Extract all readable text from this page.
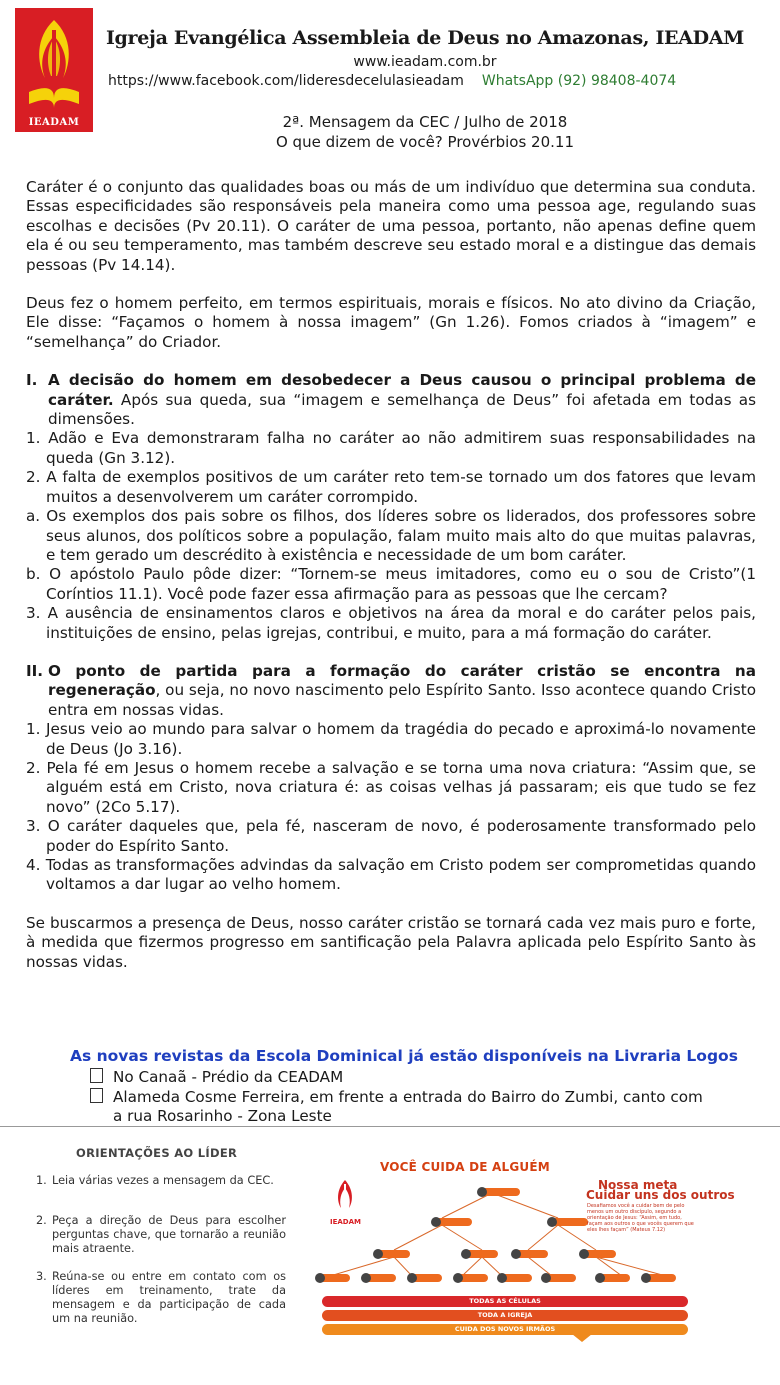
IEADAM
Igreja Evangélica Assembleia de Deus no Amazonas, IEADAM
www.ieadam.com.br
https://www.facebook.com/lideresdecelulasieadam WhatsApp (92) 98408-4074
2ª. Mensagem da CEC / Julho de 2018
O que dizem de você? Provérbios 20.11

Caráter é o conjunto das qualidades boas ou más de um indivíduo que determina sua conduta. Essas especificidades são responsáveis pela maneira como uma pessoa age, regulando suas escolhas e decisões (Pv 20.11). O caráter de uma pessoa, portanto, não apenas define quem ela é ou seu temperamento, mas também descreve seu estado moral e a distingue das demais pessoas (Pv 14.14).

Deus fez o homem perfeito, em termos espirituais, morais e físicos. No ato divino da Criação, Ele disse: “Façamos o homem à nossa imagem” (Gn 1.26). Fomos criados à “imagem” e “semelhança” do Criador.

I. A decisão do homem em desobedecer a Deus causou o principal problema de caráter. Após sua queda, sua “imagem e semelhança de Deus” foi afetada em todas as dimensões.
1. Adão e Eva demonstraram falha no caráter ao não admitirem suas responsabilidades na queda (Gn 3.12).
2. A falta de exemplos positivos de um caráter reto tem-se tornado um dos fatores que levam muitos a desenvolverem um caráter corrompido.
a. Os exemplos dos pais sobre os filhos, dos líderes sobre os liderados, dos professores sobre seus alunos, dos políticos sobre a população, falam muito mais alto do que muitas palavras, e tem gerado um descrédito à existência e necessidade de um bom caráter.
b. O apóstolo Paulo pôde dizer: “Tornem-se meus imitadores, como eu o sou de Cristo”(1 Coríntios 11.1). Você pode fazer essa afirmação para as pessoas que lhe cercam?
3. A ausência de ensinamentos claros e objetivos na área da moral e do caráter pelos pais, instituições de ensino, pelas igrejas, contribui, e muito, para a má formação do caráter.
II. O ponto de partida para a formação do caráter cristão se encontra na regeneração, ou seja, no novo nascimento pelo Espírito Santo. Isso acontece quando Cristo entra em nossas vidas.
1. Jesus veio ao mundo para salvar o homem da tragédia do pecado e aproximá-lo novamente de Deus (Jo 3.16).
2. Pela fé em Jesus o homem recebe a salvação e se torna uma nova criatura: “Assim que, se alguém está em Cristo, nova criatura é: as coisas velhas já passaram; eis que tudo se fez novo” (2Co 5.17).
3. O caráter daqueles que, pela fé, nasceram de novo, é poderosamente transformado pelo poder do Espírito Santo.
4. Todas as transformações advindas da salvação em Cristo podem ser comprometidas quando voltamos a dar lugar ao velho homem.

Se buscarmos a presença de Deus, nosso caráter cristão se tornará cada vez mais puro e forte, à medida que fizermos progresso em santificação pela Palavra aplicada pelo Espírito Santo às nossas vidas.

As novas revistas da Escola Dominical já estão disponíveis na Livraria Logos
No Canaã - Prédio da CEADAM
Alameda Cosme Ferreira, em frente a entrada do Bairro do Zumbi, canto com
a rua Rosarinho - Zona Leste
ORIENTAÇÕES AO LÍDER
1. Leia várias vezes a mensagem da CEC.
2. Peça a direção de Deus para escolher perguntas chave, que tornarão a reunião mais atraente.
3. Reúna-se ou entre em contato com os líderes em treinamento, trate da mensagem e da participação de cada um na reunião.
VOCÊ CUIDA DE ALGUÉM
IEADAM
Nossa meta
Cuidar uns dos outros
Desafiamos você a cuidar bem de pelo menos um outro discípulo, segundo a orientação de Jesus: “Assim, em tudo, façam aos outros o que vocês querem que eles lhes façam” (Mateus 7.12)
TODAS AS CÉLULAS
TODA A IGREJA
CUIDA DOS NOVOS IRMÃOS
